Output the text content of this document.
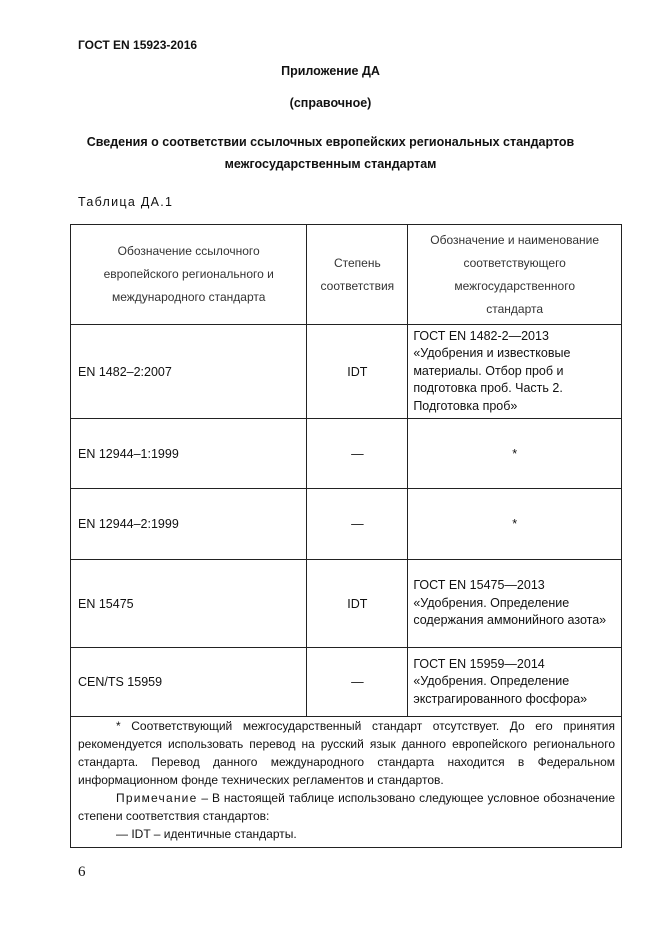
ГОСТ EN 15923-2016
Приложение ДА
(справочное)
Сведения о соответствии ссылочных европейских региональных стандартов
межгосударственным стандартам
Таблица ДА.1
Обозначение ссылочного европейского регионального и международного стандарта	Степень соответствия	Обозначение и наименование соответствующего межгосударственного стандарта
EN 1482–2:2007	IDT	ГОСТ EN 1482-2—2013
«Удобрения и известковые материалы. Отбор проб и подготовка проб. Часть 2. Подготовка проб»

EN 12944–1:1999	—	*
EN 12944–2:1999	—	*
EN 15475	IDT	ГОСТ EN 15475—2013
«Удобрения. Определение содержания аммонийного азота»

CEN/TS 15959	—	ГОСТ EN 15959—2014
«Удобрения. Определение экстрагированного фосфора»

* Соответствующий межгосударственный стандарт отсутствует. До его принятия рекомендуется использовать перевод на русский язык данного европейского регионального стандарта. Перевод данного международного стандарта находится в Федеральном информационном фонде технических регламентов и стандартов.

Примечание – В настоящей таблице использовано следующее условное обозначение степени соответствия стандартов:

— IDT – идентичные стандарты.		

6
